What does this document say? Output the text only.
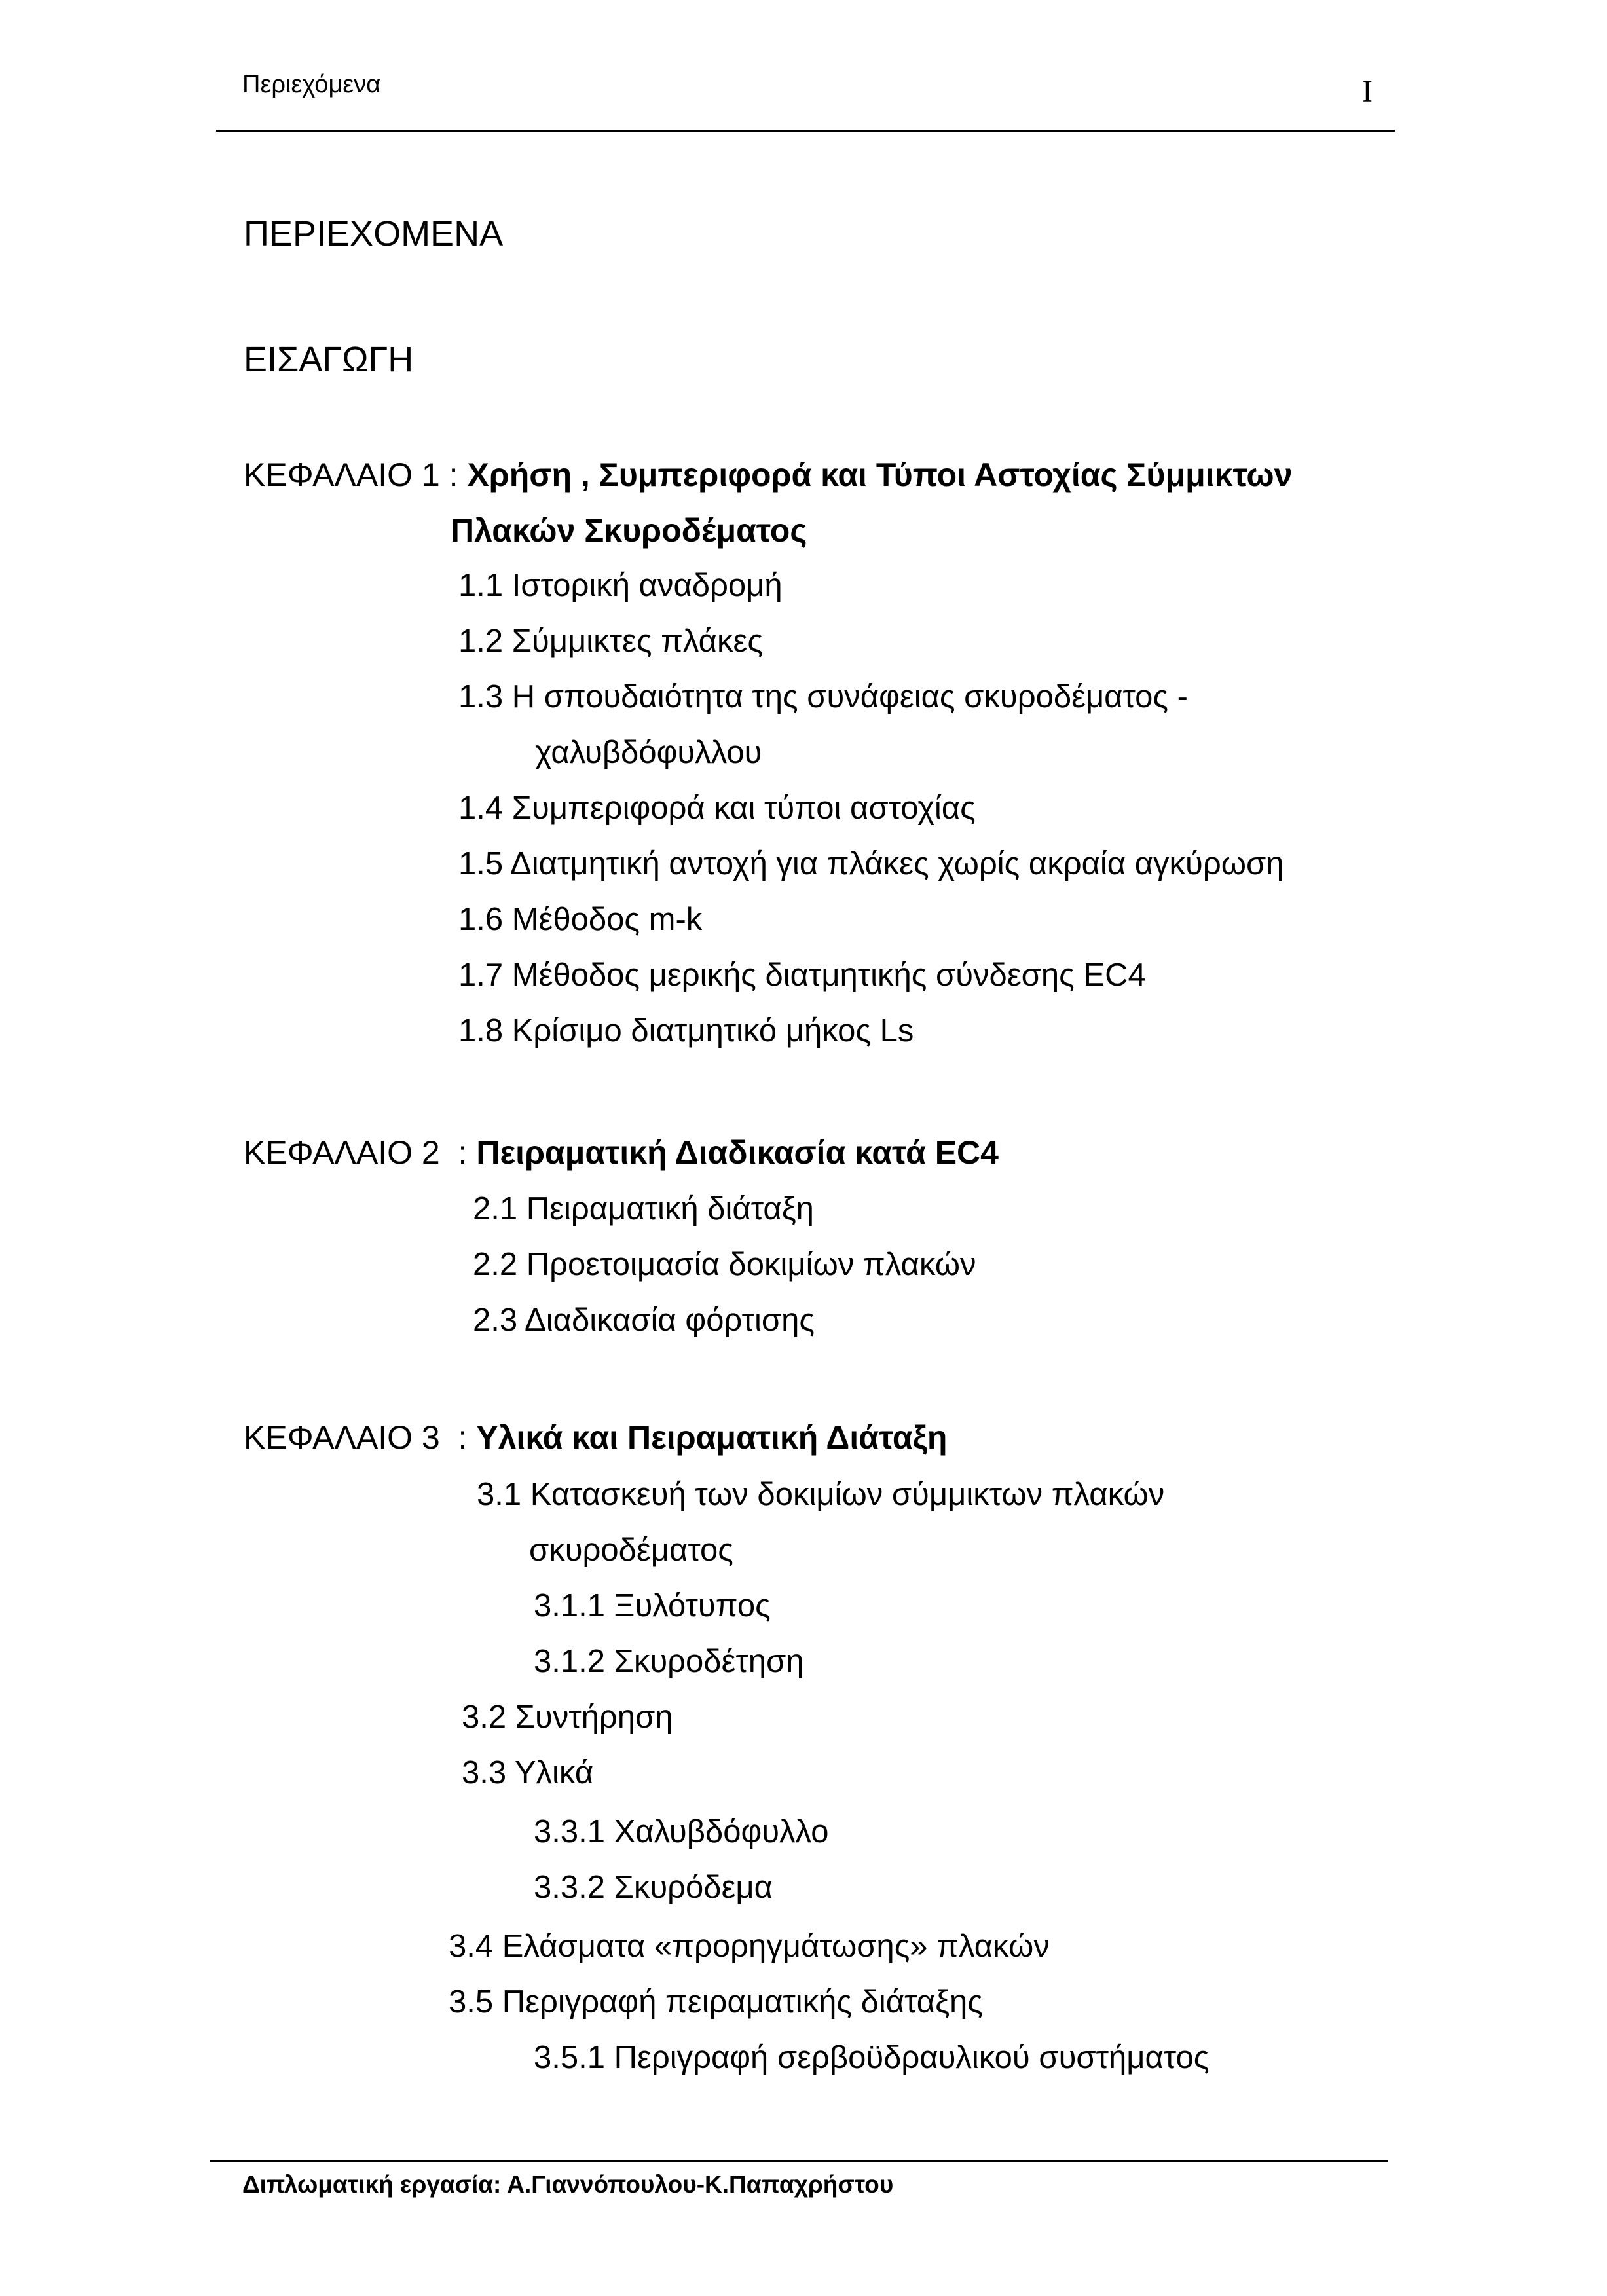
Περιεχόμενα	I
ΠΕΡΙΕΧΟΜΕΝΑ
ΕΙΣΑΓΩΓΗ
ΚΕΦΑΛΑΙΟ 1 : Χρήση , Συμπεριφορά και Τύποι Αστοχίας Σύμμικτων
Πλακών Σκυροδέματος
1.1 Ιστορική αναδρομή
1.2 Σύμμικτες πλάκες
1.3 Η σπουδαιότητα της συνάφειας σκυροδέματος -
χαλυβδόφυλλου
1.4 Συμπεριφορά και τύποι αστοχίας
1.5 Διατμητική αντοχή για πλάκες χωρίς ακραία αγκύρωση
1.6 Μέθοδος m-k
1.7 Μέθοδος μερικής διατμητικής σύνδεσης EC4
1.8 Κρίσιμο διατμητικό μήκος Ls
ΚΕΦΑΛΑΙΟ 2 : Πειραματική Διαδικασία κατά EC4
2.1 Πειραματική διάταξη
2.2 Προετοιμασία δοκιμίων πλακών
2.3 Διαδικασία φόρτισης
ΚΕΦΑΛΑΙΟ 3 : Υλικά και Πειραματική Διάταξη
3.1 Κατασκευή των δοκιμίων σύμμικτων πλακών
σκυροδέματος
3.1.1 Ξυλότυπος
3.1.2 Σκυροδέτηση
3.2 Συντήρηση
3.3 Υλικά
3.3.1 Χαλυβδόφυλλο
3.3.2 Σκυρόδεμα
3.4 Ελάσματα «προρηγμάτωσης» πλακών
3.5 Περιγραφή πειραματικής διάταξης
3.5.1 Περιγραφή σερβοϋδραυλικού συστήματος
Διπλωματική εργασία: Α.Γιαννόπουλου-Κ.Παπαχρήστου
